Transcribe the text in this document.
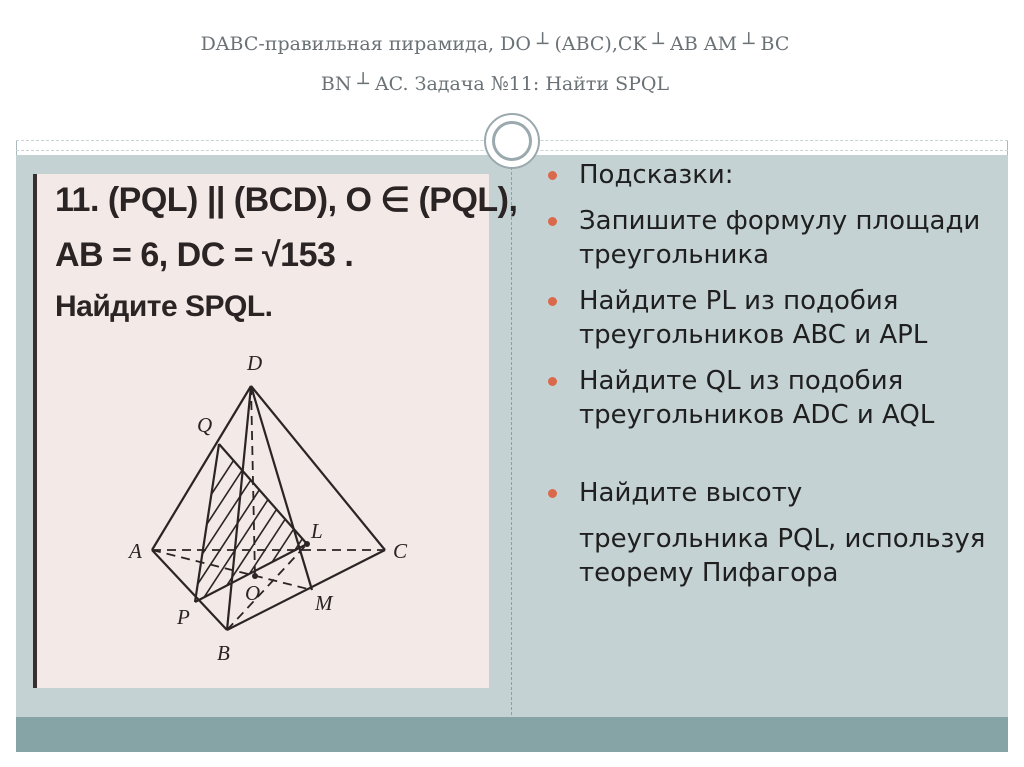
DABC-правильная пирамида, DO ┴ (ABC),CK ┴ AB AM ┴ BC
BN ┴ AC. Задача №11: Найти SPQL
11. (PQL) || (BCD), O ∈ (PQL),
AB = 6, DC = √153 .
Найдите SPQL.
D
Q
L
A	C
O	M
P
B
Подсказки:
Запишите формулу площади треугольника
Найдите PL из подобия треугольников ABC и APL
Найдите QL из подобия треугольников ADC и AQL
Найдите высоту
треугольника PQL, используя теорему Пифагора
